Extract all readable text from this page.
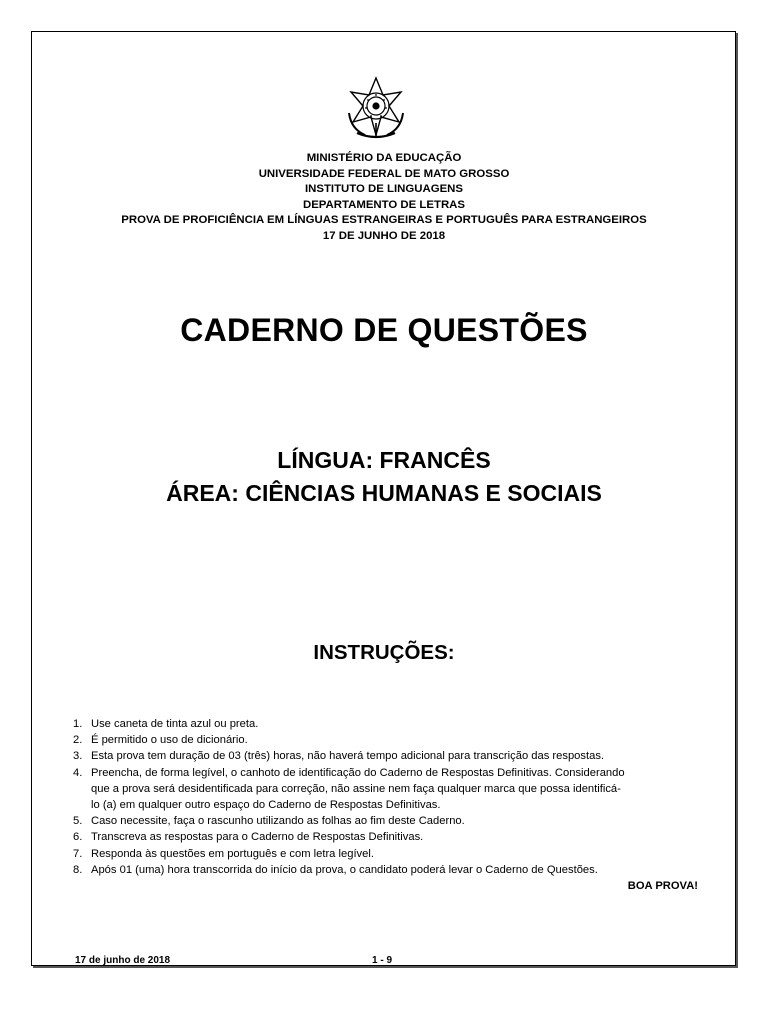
MINISTÉRIO DA EDUCAÇÃO
UNIVERSIDADE FEDERAL DE MATO GROSSO
INSTITUTO DE LINGUAGENS
DEPARTAMENTO DE LETRAS
PROVA DE PROFICIÊNCIA EM LÍNGUAS ESTRANGEIRAS E PORTUGUÊS PARA ESTRANGEIROS
17 DE JUNHO DE 2018
CADERNO DE QUESTÕES
LÍNGUA: FRANCÊS
ÁREA: CIÊNCIAS HUMANAS E SOCIAIS
INSTRUÇÕES:
1. Use caneta de tinta azul ou preta.
2. É permitido o uso de dicionário.
3. Esta prova tem duração de 03 (três) horas, não haverá tempo adicional para transcrição das respostas.
4. Preencha, de forma legível, o canhoto de identificação do Caderno de Respostas Definitivas. Considerando
que a prova será desidentificada para correção, não assine nem faça qualquer marca que possa identificá-
lo (a) em qualquer outro espaço do Caderno de Respostas Definitivas.
5. Caso necessite, faça o rascunho utilizando as folhas ao fim deste Caderno.
6. Transcreva as respostas para o Caderno de Respostas Definitivas.
7. Responda às questões em português e com letra legível.
8. Após 01 (uma) hora transcorrida do início da prova, o candidato poderá levar o Caderno de Questões.
BOA PROVA!
17 de junho de 2018	1 - 9
